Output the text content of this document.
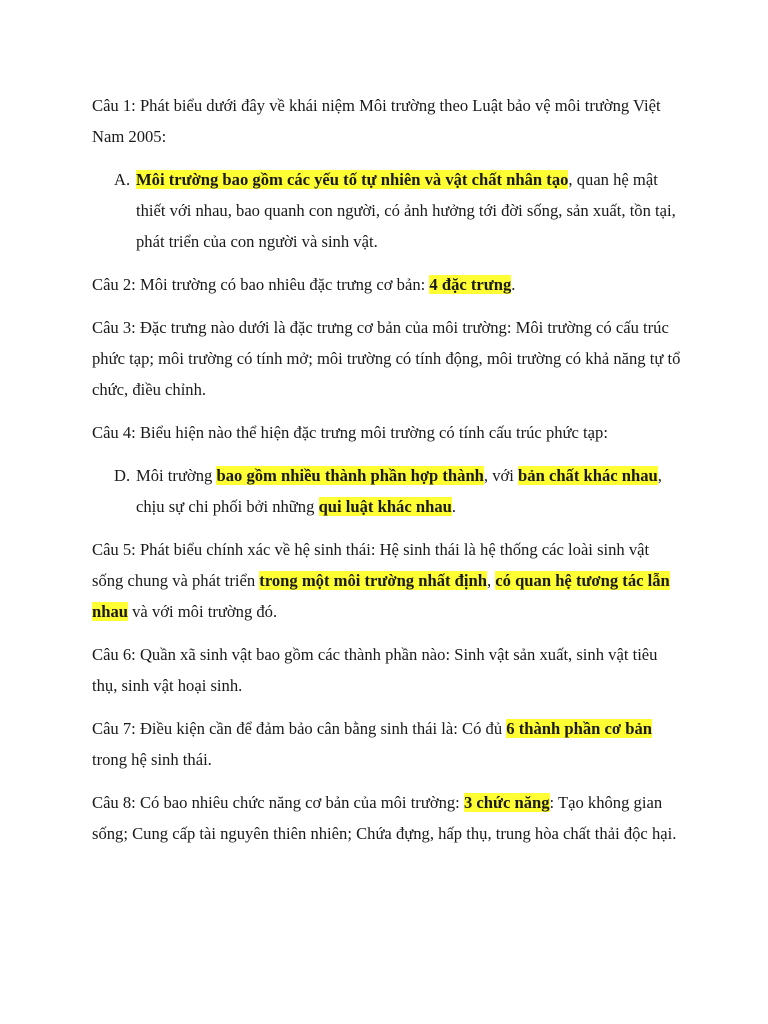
Câu 1: Phát biểu dưới đây về khái niệm Môi trường theo Luật bảo vệ môi trường Việt Nam 2005:

A. Môi trường bao gồm các yếu tố tự nhiên và vật chất nhân tạo, quan hệ mật thiết với nhau, bao quanh con người, có ảnh hưởng tới đời sống, sản xuất, tồn tại, phát triển của con người và sinh vật.

Câu 2: Môi trường có bao nhiêu đặc trưng cơ bản: 4 đặc trưng.

Câu 3: Đặc trưng nào dưới là đặc trưng cơ bản của môi trường: Môi trường có cấu trúc phức tạp; môi trường có tính mở; môi trường có tính động, môi trường có khả năng tự tổ chức, điều chỉnh.

Câu 4: Biểu hiện nào thể hiện đặc trưng môi trường có tính cấu trúc phức tạp:

D. Môi trường bao gồm nhiều thành phần hợp thành, với bản chất khác nhau, chịu sự chi phối bởi những qui luật khác nhau.

Câu 5: Phát biểu chính xác về hệ sinh thái: Hệ sinh thái là hệ thống các loài sinh vật sống chung và phát triển trong một môi trường nhất định, có quan hệ tương tác lẫn nhau và với môi trường đó.

Câu 6: Quần xã sinh vật bao gồm các thành phần nào: Sinh vật sản xuất, sinh vật tiêu thụ, sinh vật hoại sinh.

Câu 7: Điều kiện cần để đảm bảo cân bằng sinh thái là: Có đủ 6 thành phần cơ bản trong hệ sinh thái.

Câu 8: Có bao nhiêu chức năng cơ bản của môi trường: 3 chức năng: Tạo không gian sống; Cung cấp tài nguyên thiên nhiên; Chứa đựng, hấp thụ, trung hòa chất thải độc hại.
